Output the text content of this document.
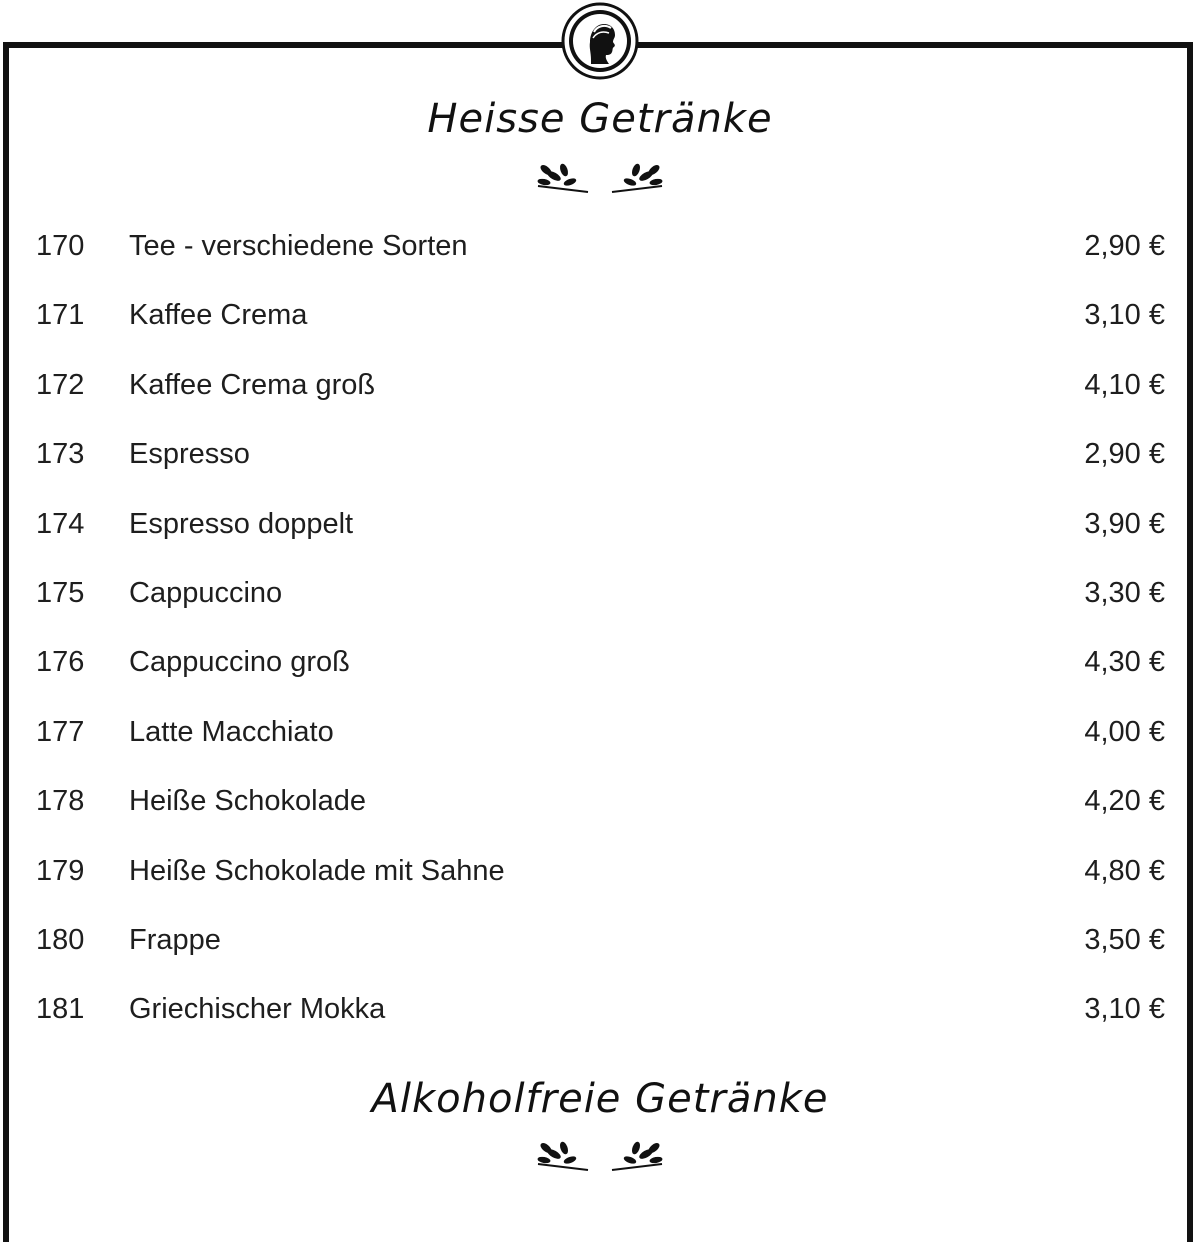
Heisse Getränke
170 Tee - verschiedene Sorten	2,90 €
171 Kaffee Crema	3,10 €
172 Kaffee Crema groß	4,10 €
173 Espresso	2,90 €
174 Espresso doppelt	3,90 €
175 Cappuccino	3,30 €
176 Cappuccino groß	4,30 €
177 Latte Macchiato	4,00 €
178 Heiße Schokolade	4,20 €
179 Heiße Schokolade mit Sahne	4,80 €
180 Frappe	3,50 €
181 Griechischer Mokka	3,10 €
Alkoholfreie Getränke
